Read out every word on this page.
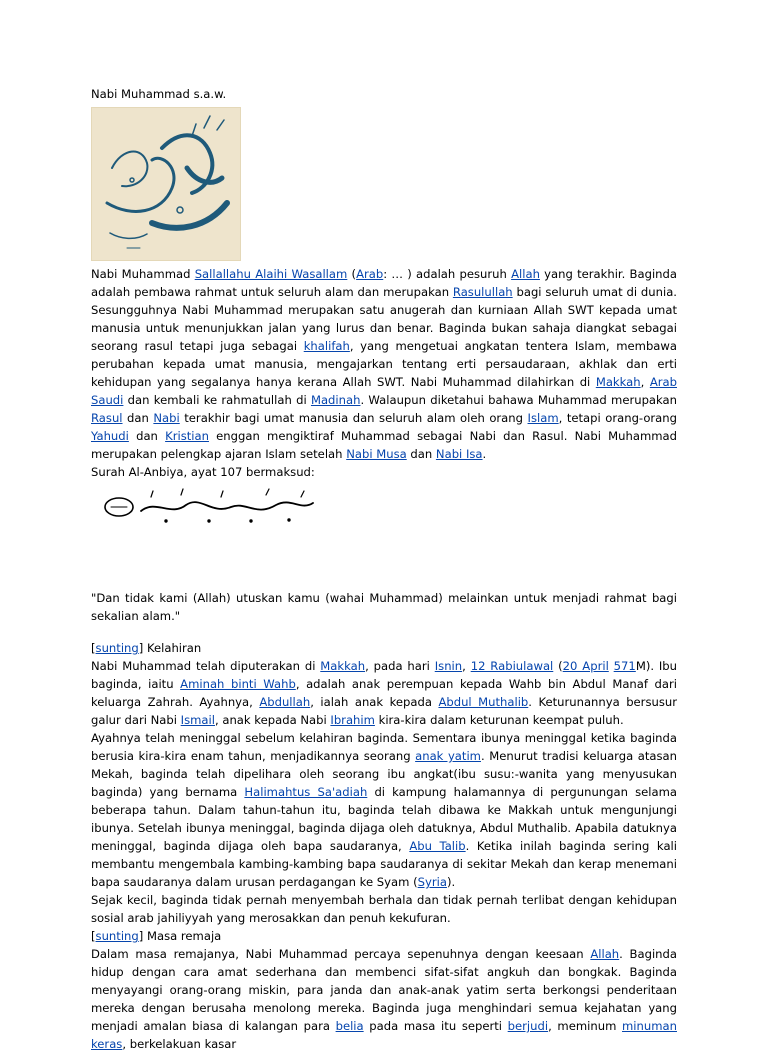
Nabi Muhammad s.a.w.

Nabi Muhammad Sallallahu Alaihi Wasallam (Arab: … ) adalah pesuruh Allah yang terakhir. Baginda adalah pembawa rahmat untuk seluruh alam dan merupakan Rasulullah bagi seluruh umat di dunia. Sesungguhnya Nabi Muhammad merupakan satu anugerah dan kurniaan Allah SWT kepada umat manusia untuk menunjukkan jalan yang lurus dan benar. Baginda bukan sahaja diangkat sebagai seorang rasul tetapi juga sebagai khalifah, yang mengetuai angkatan tentera Islam, membawa perubahan kepada umat manusia, mengajarkan tentang erti persaudaraan, akhlak dan erti kehidupan yang segalanya hanya kerana Allah SWT. Nabi Muhammad dilahirkan di Makkah, Arab Saudi dan kembali ke rahmatullah di Madinah. Walaupun diketahui bahawa Muhammad merupakan Rasul dan Nabi terakhir bagi umat manusia dan seluruh alam oleh orang Islam, tetapi orang-orang Yahudi dan Kristian enggan mengiktiraf Muhammad sebagai Nabi dan Rasul. Nabi Muhammad merupakan pelengkap ajaran Islam setelah Nabi Musa dan Nabi Isa.

Surah Al-Anbiya, ayat 107 bermaksud:

"Dan tidak kami (Allah) utuskan kamu (wahai Muhammad) melainkan untuk menjadi rahmat bagi sekalian alam."

[sunting] Kelahiran

Nabi Muhammad telah diputerakan di Makkah, pada hari Isnin, 12 Rabiulawal (20 April 571M). Ibu baginda, iaitu Aminah binti Wahb, adalah anak perempuan kepada Wahb bin Abdul Manaf dari keluarga Zahrah. Ayahnya, Abdullah, ialah anak kepada Abdul Muthalib. Keturunannya bersusur galur dari Nabi Ismail, anak kepada Nabi Ibrahim kira-kira dalam keturunan keempat puluh.

Ayahnya telah meninggal sebelum kelahiran baginda. Sementara ibunya meninggal ketika baginda berusia kira-kira enam tahun, menjadikannya seorang anak yatim. Menurut tradisi keluarga atasan Mekah, baginda telah dipelihara oleh seorang ibu angkat(ibu susu:-wanita yang menyusukan baginda) yang bernama Halimahtus Sa'adiah di kampung halamannya di pergunungan selama beberapa tahun. Dalam tahun-tahun itu, baginda telah dibawa ke Makkah untuk mengunjungi ibunya. Setelah ibunya meninggal, baginda dijaga oleh datuknya, Abdul Muthalib. Apabila datuknya meninggal, baginda dijaga oleh bapa saudaranya, Abu Talib. Ketika inilah baginda sering kali membantu mengembala kambing-kambing bapa saudaranya di sekitar Mekah dan kerap menemani bapa saudaranya dalam urusan perdagangan ke Syam (Syria).

Sejak kecil, baginda tidak pernah menyembah berhala dan tidak pernah terlibat dengan kehidupan sosial arab jahiliyyah yang merosakkan dan penuh kekufuran.

[sunting] Masa remaja

Dalam masa remajanya, Nabi Muhammad percaya sepenuhnya dengan keesaan Allah. Baginda hidup dengan cara amat sederhana dan membenci sifat-sifat angkuh dan bongkak. Baginda menyayangi orang-orang miskin, para janda dan anak-anak yatim serta berkongsi penderitaan mereka dengan berusaha menolong mereka. Baginda juga menghindari semua kejahatan yang menjadi amalan biasa di kalangan para belia pada masa itu seperti berjudi, meminum minuman keras, berkelakuan kasar
